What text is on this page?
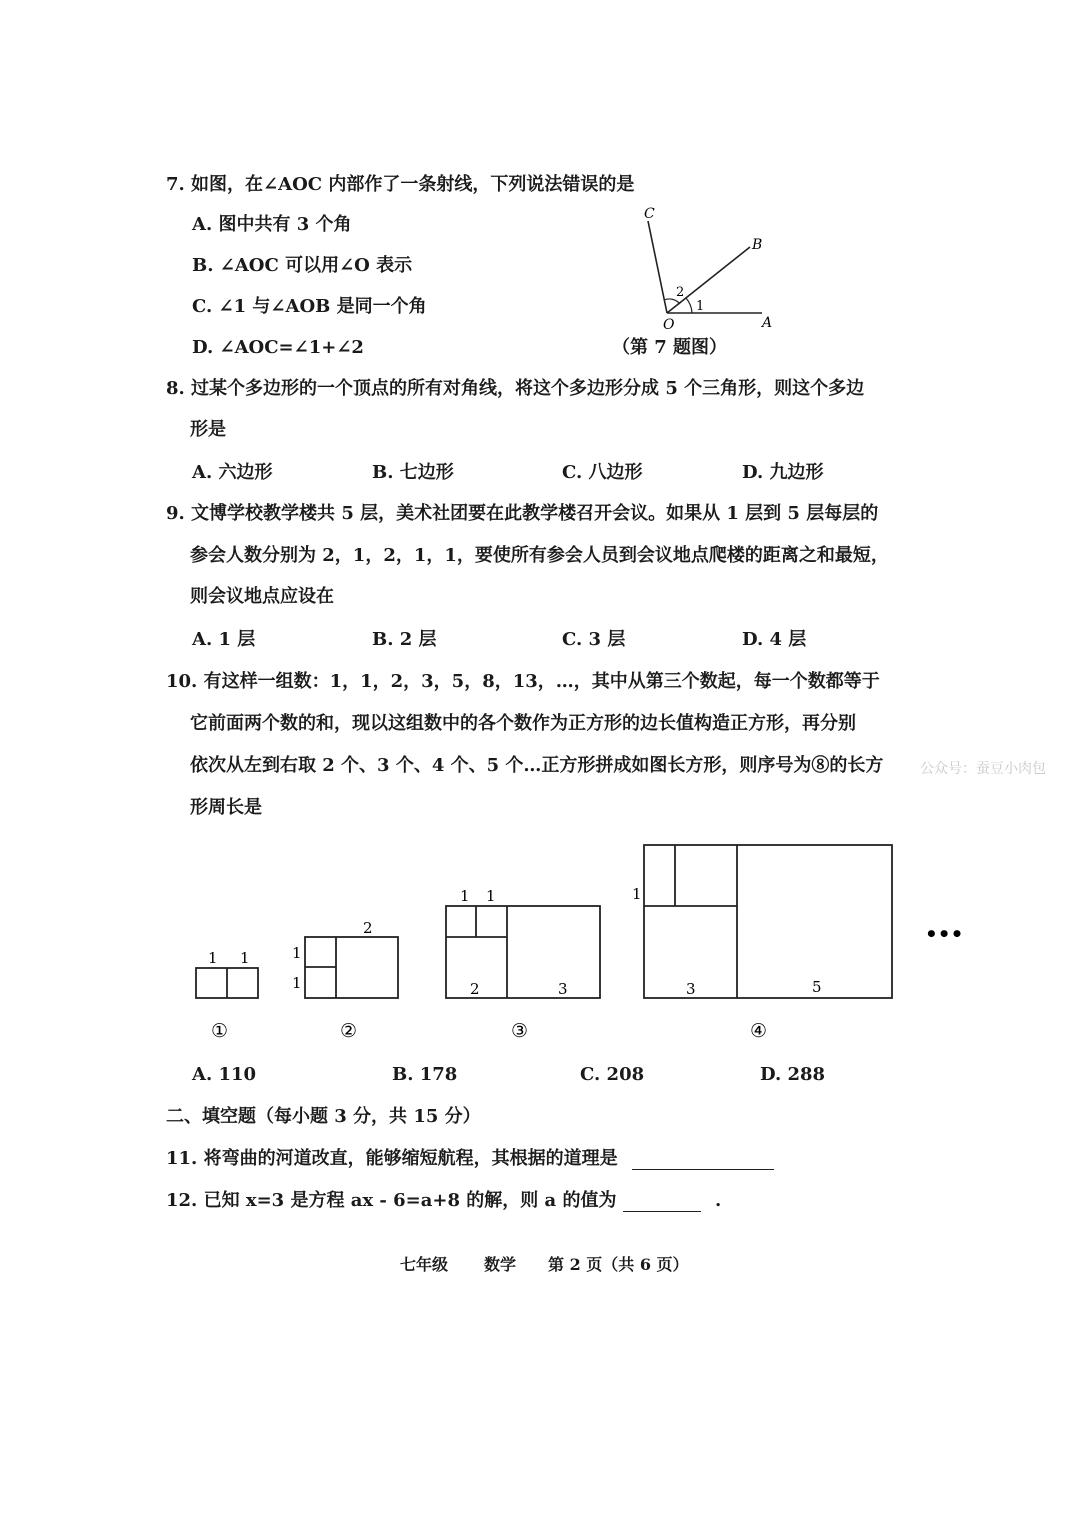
7. 如图，在∠AOC 内部作了一条射线，下列说法错误的是
A. 图中共有 3 个角
B. ∠AOC 可以用∠O 表示
C. ∠1 与∠AOB 是同一个角
D. ∠AOC=∠1+∠2
C
B
O	A
1
2
（第 7 题图）
8. 过某个多边形的一个顶点的所有对角线，将这个多边形分成 5 个三角形，则这个多边
形是
A. 六边形	B. 七边形	C. 八边形	D. 九边形
9. 文博学校教学楼共 5 层，美术社团要在此教学楼召开会议。如果从 1 层到 5 层每层的
参会人数分别为 2，1，2，1，1，要使所有参会人员到会议地点爬楼的距离之和最短，
则会议地点应设在
A. 1 层	B. 2 层	C. 3 层	D. 4 层
10. 有这样一组数：1，1，2，3，5，8，13，…，其中从第三个数起，每一个数都等于
它前面两个数的和，现以这组数中的各个数作为正方形的边长值构造正方形，再分别
依次从左到右取 2 个、3 个、4 个、5 个…正方形拼成如图长方形，则序号为⑧的长方
形周长是
公众号：蚕豆小肉包
1 1
2
1
1
1 1
2	3
1
3	5
•••
①	②	③	④
A. 110	B. 178	C. 208	D. 288
二、填空题（每小题 3 分，共 15 分）
11. 将弯曲的河道改直，能够缩短航程，其根据的道理是
12. 已知 x=3 是方程 ax - 6=a+8 的解，则 a 的值为	.
七年级 数学 第 2 页（共 6 页）
